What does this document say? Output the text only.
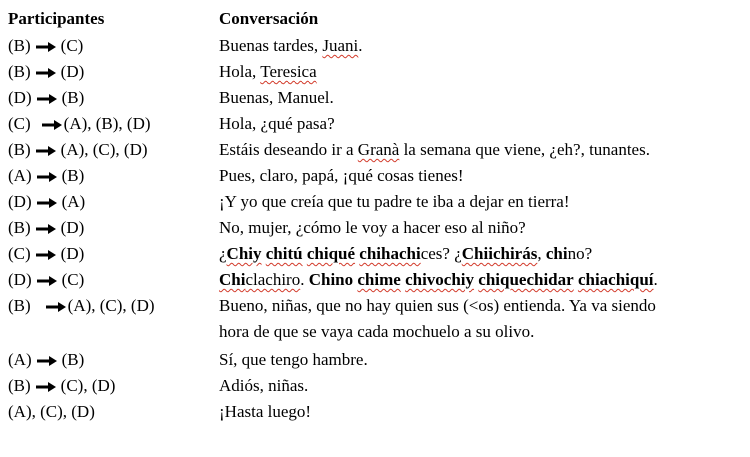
Participantes	Conversación
(B) (C)	Buenas tardes, Juani.
(B) (D)	Hola, Teresica
(D) (B)	Buenas, Manuel.
(C) (A), (B), (D)	Hola, ¿qué pasa?
(B) (A), (C), (D)	Estáis deseando ir a Granà la semana que viene, ¿eh?, tunantes.
(A) (B)	Pues, claro, papá, ¡qué cosas tienes!
(D) (A)	¡Y yo que creía que tu padre te iba a dejar en tierra!
(B) (D)	No, mujer, ¿cómo le voy a hacer eso al niño?
(C) (D)	¿Chiy chitú chiqué chihachices? ¿Chiichirás, chino?
(D) (C)	Chiclachiro. Chino chime chivochiy chiquechidar chiachiquí.
(B) (A), (C), (D)	Bueno, niñas, que no hay quien sus (<os) entienda. Ya va siendo
hora de que se vaya cada mochuelo a su olivo.
(A) (B)	Sí, que tengo hambre.
(B) (C), (D)	Adiós, niñas.
(A), (C), (D)	¡Hasta luego!
